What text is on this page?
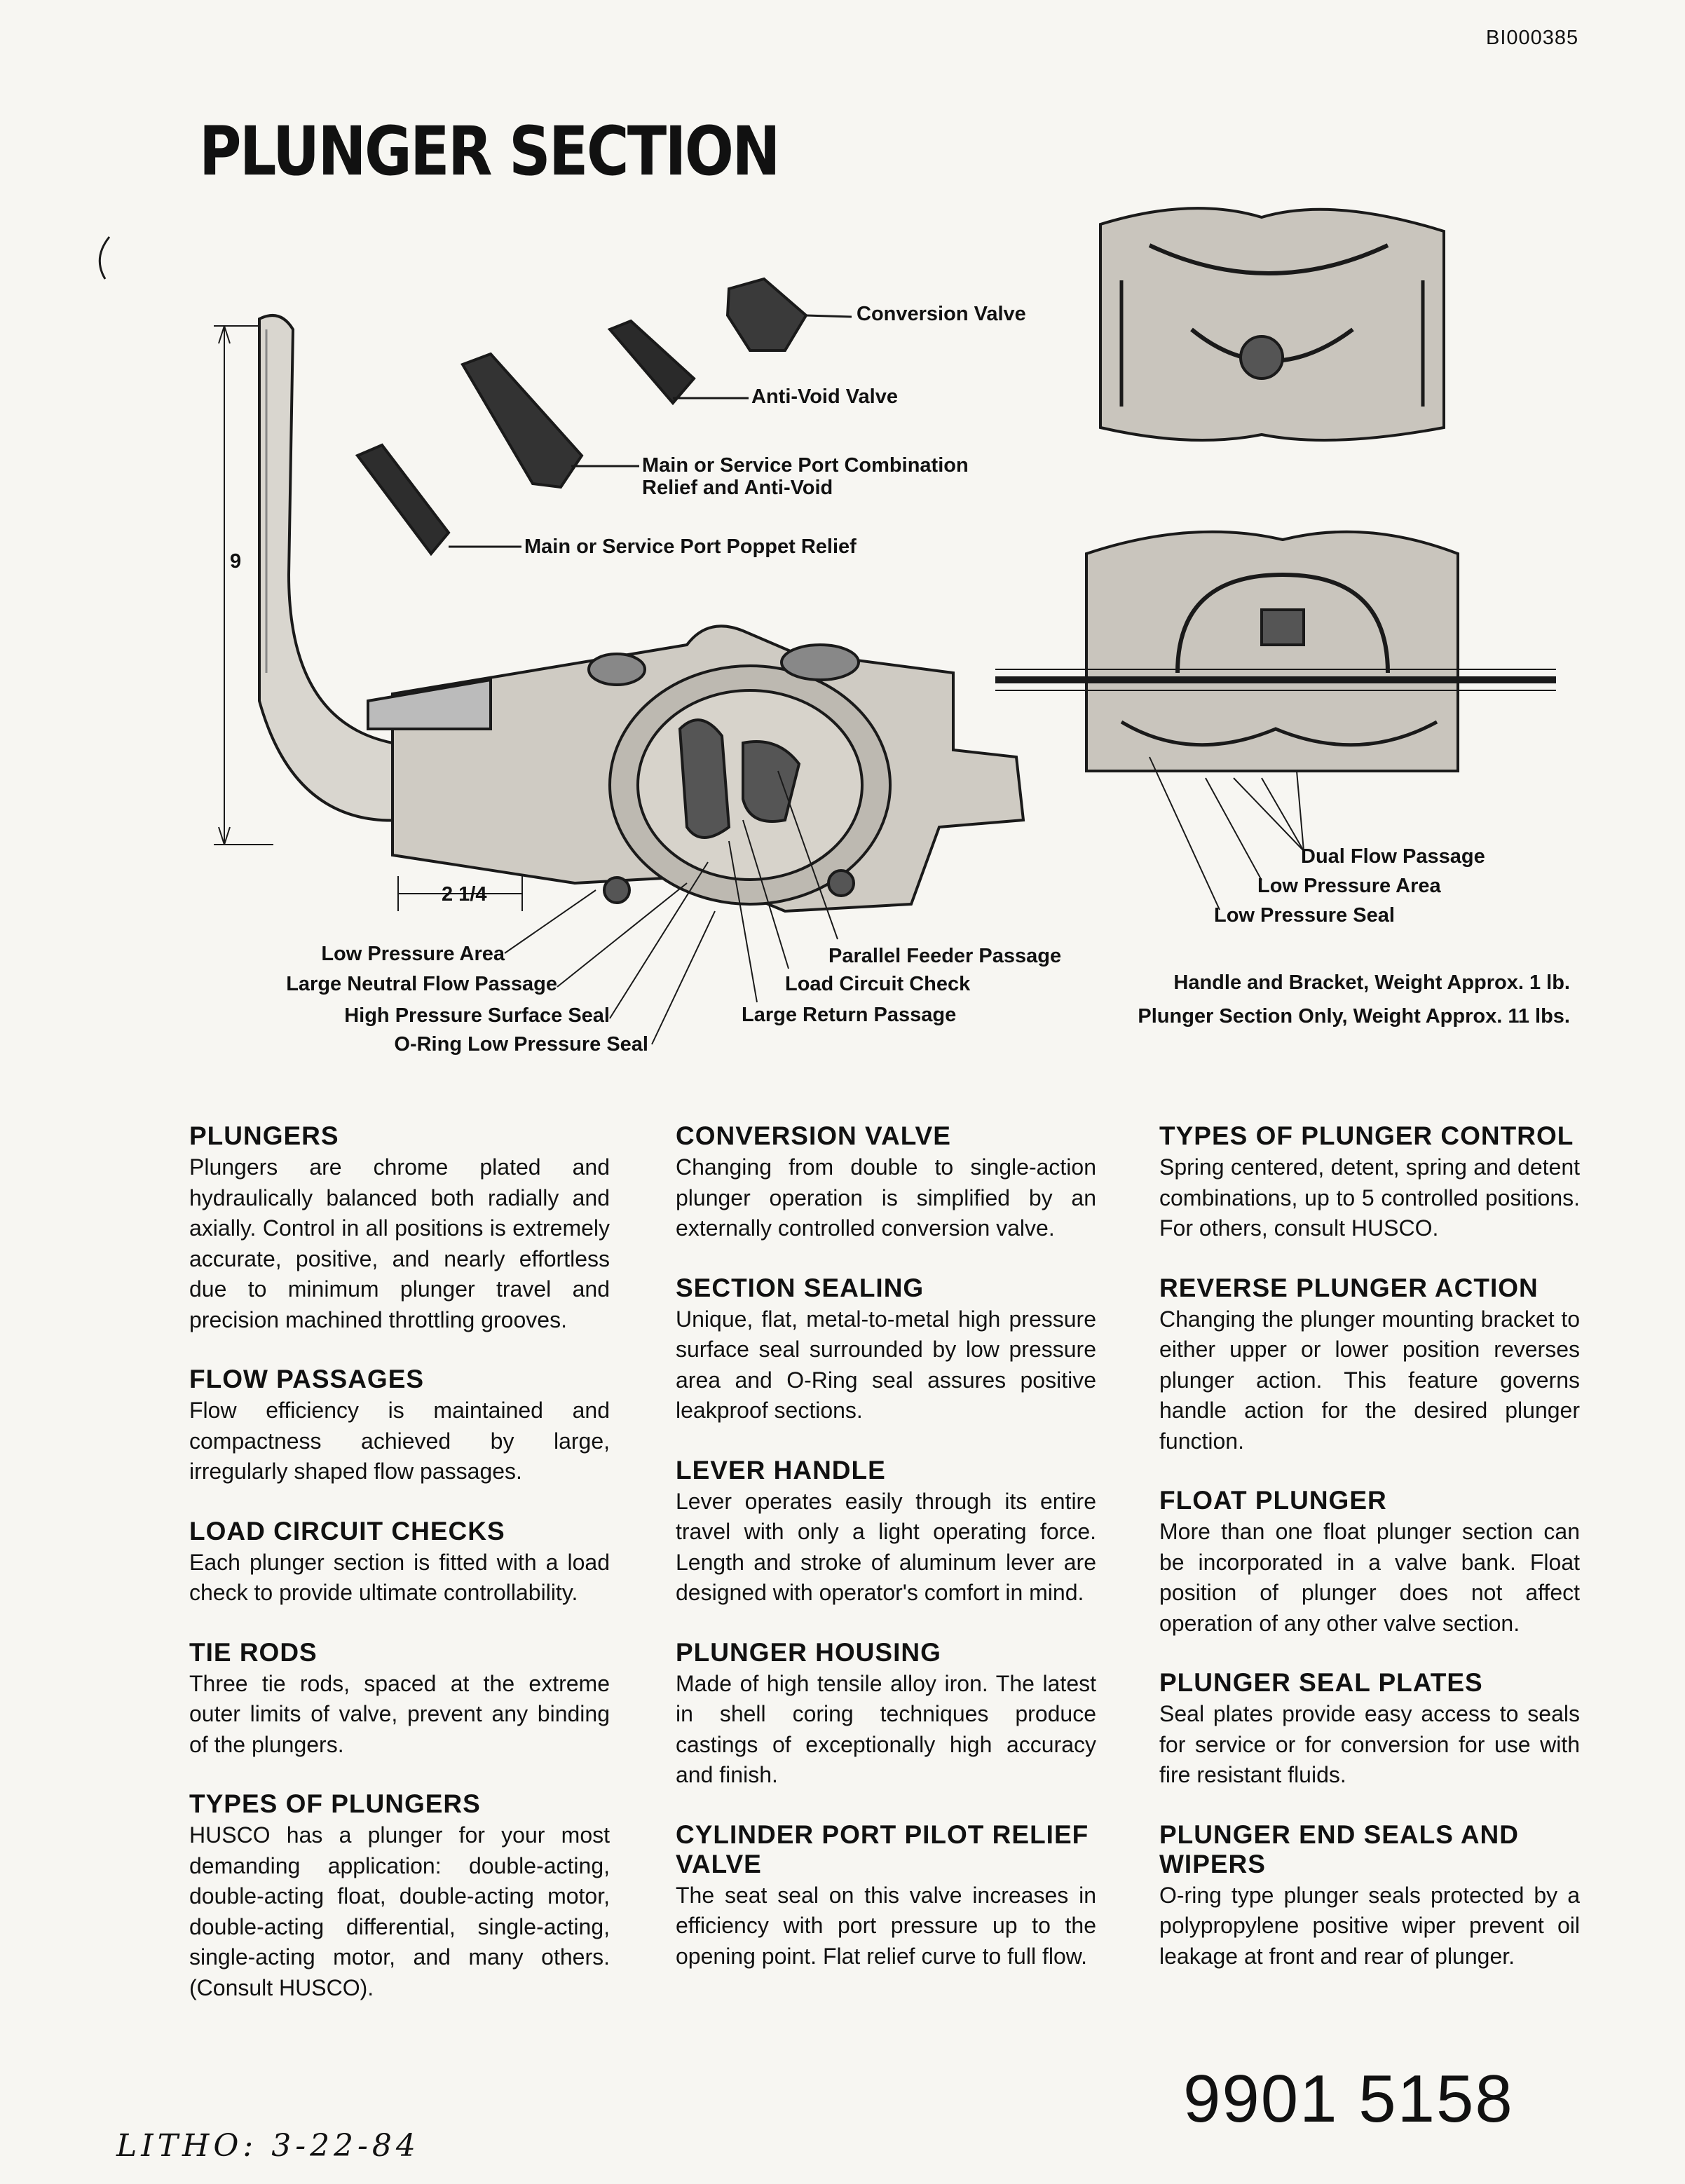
BI000385
PLUNGER SECTION
Conversion Valve
Anti-Void Valve
Main or Service Port Combination
Relief and Anti-Void
Main or Service Port Poppet Relief
9
2 1/4
Dual Flow Passage
Low Pressure Area
Low Pressure Seal
Low Pressure Area
Large Neutral Flow Passage
High Pressure Surface Seal
O-Ring Low Pressure Seal
Parallel Feeder Passage
Load Circuit Check
Large Return Passage
Handle and Bracket, Weight Approx. 1 lb.
Plunger Section Only, Weight Approx. 11 lbs.
PLUNGERS

Plungers are chrome plated and hydraulically balanced both radially and axially. Control in all positions is extremely accurate, positive, and nearly effortless due to minimum plunger travel and precision machined throttling grooves.

FLOW PASSAGES

Flow efficiency is maintained and compactness achieved by large, irregularly shaped flow passages.

LOAD CIRCUIT CHECKS

Each plunger section is fitted with a load check to provide ultimate controllability.

TIE RODS

Three tie rods, spaced at the extreme outer limits of valve, prevent any binding of the plungers.

TYPES OF PLUNGERS

HUSCO has a plunger for your most demanding application: double-acting, double-acting float, double-acting motor, double-acting differential, single-acting, single-acting motor, and many others. (Consult HUSCO).

CONVERSION VALVE

Changing from double to single-action plunger operation is simplified by an externally controlled conversion valve.

SECTION SEALING

Unique, flat, metal-to-metal high pressure surface seal surrounded by low pressure area and O-Ring seal assures positive leakproof sections.

LEVER HANDLE

Lever operates easily through its entire travel with only a light operating force. Length and stroke of aluminum lever are designed with operator's comfort in mind.

PLUNGER HOUSING

Made of high tensile alloy iron. The latest in shell coring techniques produce castings of exceptionally high accuracy and finish.

CYLINDER PORT PILOT RELIEF VALVE

The seat seal on this valve increases in efficiency with port pressure up to the opening point. Flat relief curve to full flow.

TYPES OF PLUNGER CONTROL

Spring centered, detent, spring and detent combinations, up to 5 controlled positions. For others, consult HUSCO.

REVERSE PLUNGER ACTION

Changing the plunger mounting bracket to either upper or lower position reverses plunger action. This feature governs handle action for the desired plunger function.

FLOAT PLUNGER

More than one float plunger section can be incorporated in a valve bank. Float position of plunger does not affect operation of any other valve section.

PLUNGER SEAL PLATES

Seal plates provide easy access to seals for service or for conversion for use with fire resistant fluids.

PLUNGER END SEALS AND WIPERS

O-ring type plunger seals protected by a polypropylene positive wiper prevent oil leakage at front and rear of plunger.

9901 5158
LITHO: 3-22-84
